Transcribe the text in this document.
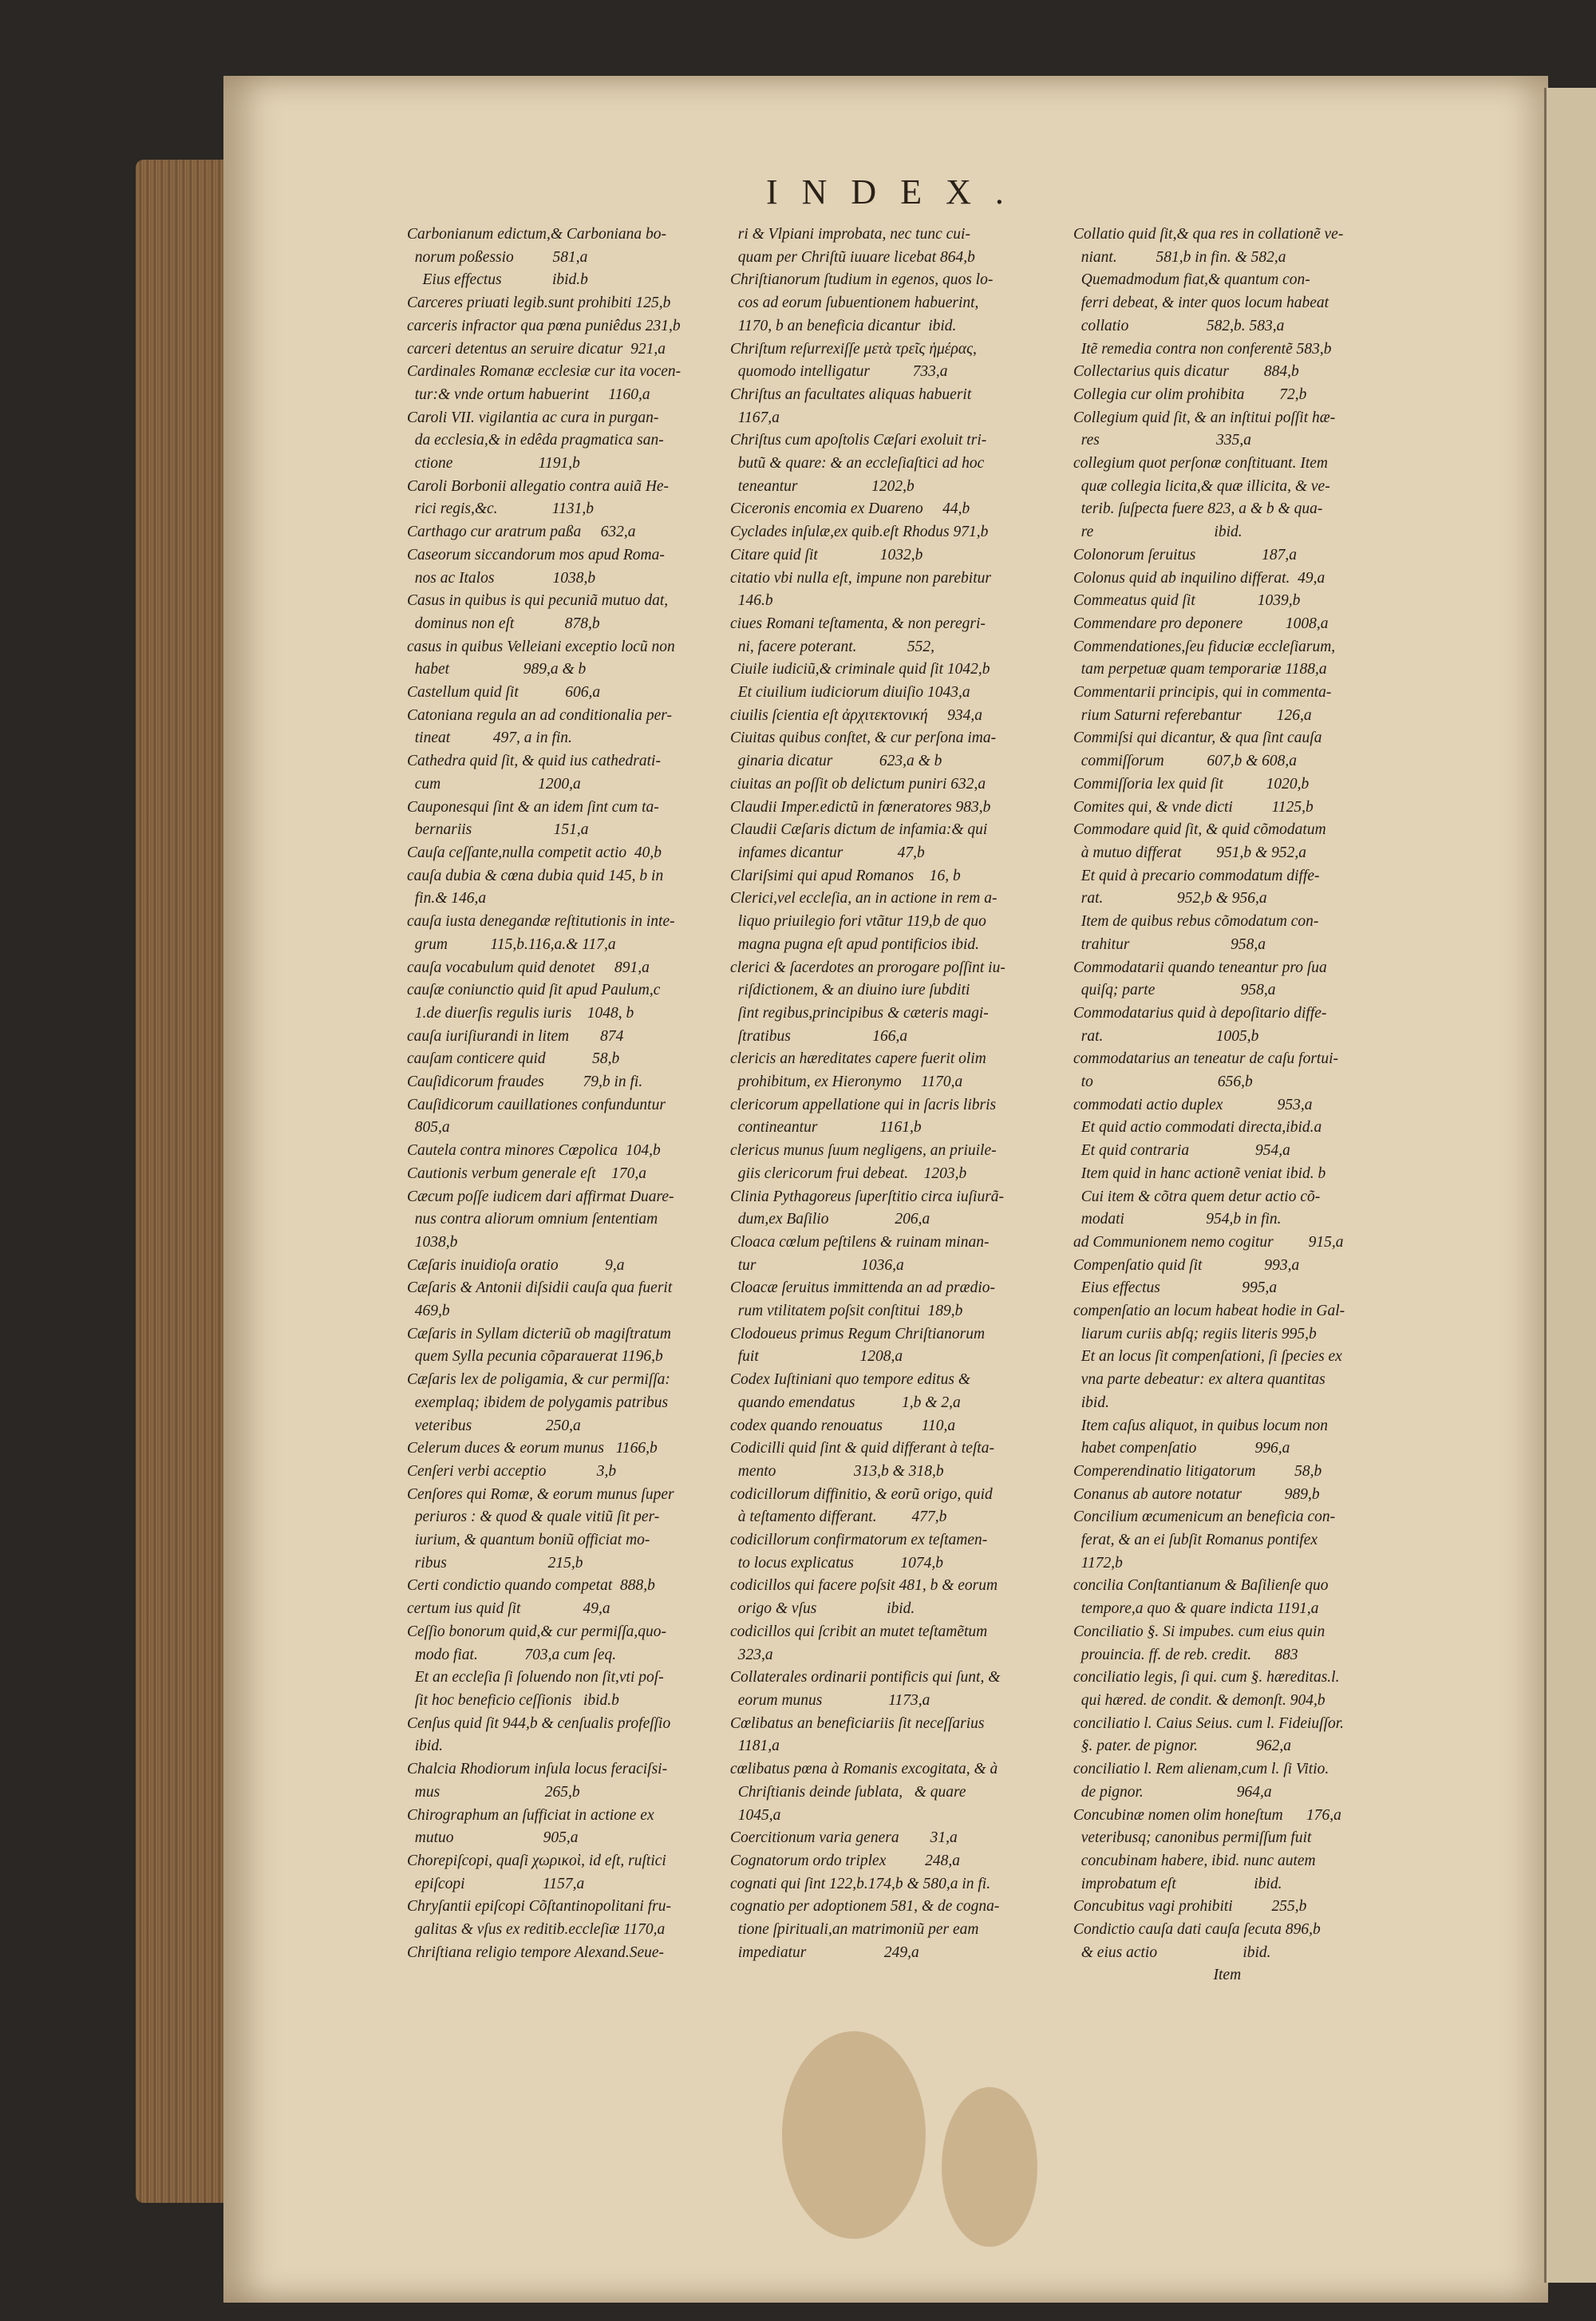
INDEX.

Carbonianum edictum,& Carboniana bo-

norum poßessio          581,a

Eius effectus             ibid.b

Carceres priuati legib.sunt prohibiti 125,b

carceris infractor qua pœna puniêdus 231,b

carceri detentus an seruire dicatur  921,a

Cardinales Romanæ ecclesiæ cur ita vocen-

tur:& vnde ortum habuerint     1160,a

Caroli VII. vigilantia ac cura in purgan-

da ecclesia,& in edêda pragmatica san-

ctione                      1191,b

Caroli Borbonii allegatio contra auiã He-

rici regis,&c.              1131,b

Carthago cur aratrum paßa     632,a

Caseorum siccandorum mos apud Roma-

nos ac Italos               1038,b

Casus in quibus is qui pecuniã mutuo dat,

dominus non eſt             878,b

casus in quibus Velleiani exceptio locũ non

habet                   989,a & b

Castellum quid ſit            606,a

Catoniana regula an ad conditionalia per-

tineat           497, a in fin.

Cathedra quid ſit, & quid ius cathedrati-

cum                         1200,a

Cauponesqui ſint & an idem ſint cum ta-

bernariis                     151,a

Cauſa ceſſante,nulla competit actio  40,b

cauſa dubia & cœna dubia quid 145, b in

fin.& 146,a

cauſa iusta denegandæ reſtitutionis in inte-

grum           115,b.116,a.& 117,a

cauſa vocabulum quid denotet     891,a

cauſæ coniunctio quid ſit apud Paulum,c

1.de diuerſis regulis iuris    1048, b

cauſa iuriſiurandi in litem        874

cauſam conticere quid            58,b

Cauſidicorum fraudes          79,b in fi.

Cauſidicorum cauillationes confunduntur

805,a

Cautela contra minores Cœpolica  104,b

Cautionis verbum generale eſt    170,a

Cæcum poſſe iudicem dari affirmat Duare-

nus contra aliorum omnium ſententiam

1038,b

Cæſaris inuidioſa oratio            9,a

Cæſaris & Antonii diſsidii cauſa qua fuerit

469,b

Cæſaris in Syllam dicteriũ ob magiſtratum

quem Sylla pecunia cõparauerat 1196,b

Cæſaris lex de poligamia, & cur permiſſa:

exemplaq; ibidem de polygamis patribus

veteribus                   250,a

Celerum duces & eorum munus   1166,b

Cenſeri verbi acceptio             3,b

Cenſores qui Romæ, & eorum munus ſuper

periuros : & quod & quale vitiũ ſit per-

iurium, & quantum boniũ officiat mo-

ribus                          215,b

Certi condictio quando competat  888,b

certum ius quid ſit                49,a

Ceſſio bonorum quid,& cur permiſſa,quo-

modo fiat.            703,a cum ſeq.

Et an eccleſia ſi ſoluendo non ſit,vti poſ-

ſit hoc beneficio ceſſionis   ibid.b

Cenſus quid ſit 944,b & cenſualis profeſſio

ibid.

Chalcia Rhodiorum inſula locus feraciſsi-

mus                           265,b

Chirographum an ſufficiat in actione ex

mutuo                       905,a

Chorepiſcopi, quaſi χωρικοὶ, id eſt, ruſtici

epiſcopi                    1157,a

Chryſantii epiſcopi Cõſtantinopolitani fru-

galitas & vſus ex reditib.eccleſiæ 1170,a

Chriſtiana religio tempore Alexand.Seue-

ri & Vlpiani improbata, nec tunc cui-

quam per Chriſtũ iuuare licebat 864,b

Chriſtianorum ſtudium in egenos, quos lo-

cos ad eorum ſubuentionem habuerint,

1170, b an beneficia dicantur  ibid.

Chriſtum reſurrexiſſe μετὰ τρεῖς ἡμέρας,

quomodo intelligatur           733,a

Chriſtus an facultates aliquas habuerit

1167,a

Chriſtus cum apoſtolis Cæſari exoluit tri-

butũ & quare: & an eccleſiaſtici ad hoc

teneantur                   1202,b

Ciceronis encomia ex Duareno     44,b

Cyclades inſulæ,ex quib.eſt Rhodus 971,b

Citare quid ſit                1032,b

citatio vbi nulla eſt, impune non parebitur

146.b

ciues Romani teſtamenta, & non peregri-

ni, facere poterant.             552,

Ciuile iudiciũ,& criminale quid ſit 1042,b

Et ciuilium iudiciorum diuiſio 1043,a

ciuilis ſcientia eſt ἀρχιτεκτονική     934,a

Ciuitas quibus conſtet, & cur perſona ima-

ginaria dicatur            623,a & b

ciuitas an poſſit ob delictum puniri 632,a

Claudii Imper.edictũ in fœneratores 983,b

Claudii Cæſaris dictum de infamia:& qui

infames dicantur              47,b

Clariſsimi qui apud Romanos    16, b

Clerici,vel eccleſia, an in actione in rem a-

liquo priuilegio fori vtãtur 119,b de quo

magna pugna eſt apud pontificios ibid.

clerici & ſacerdotes an prorogare poſſint iu-

riſdictionem, & an diuino iure ſubditi

ſint regibus,principibus & cæteris magi-

ſtratibus                     166,a

clericis an hæreditates capere fuerit olim

prohibitum, ex Hieronymo     1170,a

clericorum appellatione qui in ſacris libris

contineantur                1161,b

clericus munus ſuum negligens, an priuile-

giis clericorum frui debeat.    1203,b

Clinia Pythagoreus ſuperſtitio circa iuſiurã-

dum,ex Baſilio                 206,a

Cloaca cœlum peſtilens & ruinam minan-

tur                           1036,a

Cloacæ ſeruitus immittenda an ad prædio-

rum vtilitatem poſsit conſtitui  189,b

Clodoueus primus Regum Chriſtianorum

fuit                          1208,a

Codex Iuſtiniani quo tempore editus &

quando emendatus            1,b & 2,a

codex quando renouatus          110,a

Codicilli quid ſint & quid differant à teſta-

mento                    313,b & 318,b

codicillorum diffinitio, & eorũ origo, quid

à teſtamento differant.         477,b

codicillorum confirmatorum ex teſtamen-

to locus explicatus            1074,b

codicillos qui facere poſsit 481, b & eorum

origo & vſus                  ibid.

codicillos qui ſcribit an mutet teſtamẽtum

323,a

Collaterales ordinarii pontificis qui ſunt, &

eorum munus                 1173,a

Cœlibatus an beneficiariis ſit neceſſarius

1181,a

cœlibatus pœna à Romanis excogitata, & à

Chriſtianis deinde ſublata,   & quare

1045,a

Coercitionum varia genera        31,a

Cognatorum ordo triplex          248,a

cognati qui ſint 122,b.174,b & 580,a in fi.

cognatio per adoptionem 581, & de cogna-

tione ſpirituali,an matrimoniũ per eam

impediatur                    249,a

Collatio quid ſit,& qua res in collationẽ ve-

niant.          581,b in fin. & 582,a

Quemadmodum fiat,& quantum con-

ferri debeat, & inter quos locum habeat

collatio                    582,b. 583,a

Itẽ remedia contra non conferentẽ 583,b

Collectarius quis dicatur         884,b

Collegia cur olim prohibita         72,b

Collegium quid ſit, & an inſtitui poſſit hæ-

res                              335,a

collegium quot perſonæ conſtituant. Item

quæ collegia licita,& quæ illicita, & ve-

terib. ſuſpecta fuere 823, a & b & qua-

re                               ibid.

Colonorum ſeruitus                 187,a

Colonus quid ab inquilino differat.  49,a

Commeatus quid ſit                1039,b

Commendare pro deponere           1008,a

Commendationes,ſeu fiduciæ eccleſiarum,

tam perpetuæ quam temporariæ 1188,a

Commentarii principis, qui in commenta-

rium Saturni referebantur         126,a

Commiſsi qui dicantur, & qua ſint cauſa

commiſſorum           607,b & 608,a

Commiſſoria lex quid ſit           1020,b

Comites qui, & vnde dicti          1125,b

Commodare quid ſit, & quid cõmodatum

à mutuo differat         951,b & 952,a

Et quid à precario commodatum diffe-

rat.                   952,b & 956,a

Item de quibus rebus cõmodatum con-

trahitur                          958,a

Commodatarii quando teneantur pro ſua

quiſq; parte                      958,a

Commodatarius quid à depoſitario diffe-

rat.                             1005,b

commodatarius an teneatur de caſu fortui-

to                                656,b

commodati actio duplex              953,a

Et quid actio commodati directa,ibid.a

Et quid contraria                 954,a

Item quid in hanc actionẽ veniat ibid. b

Cui item & cõtra quem detur actio cõ-

modati                     954,b in fin.

ad Communionem nemo cogitur         915,a

Compenſatio quid ſit                993,a

Eius effectus                     995,a

compenſatio an locum habeat hodie in Gal-

liarum curiis abſq; regiis literis 995,b

Et an locus ſit compenſationi, ſi ſpecies ex

vna parte debeatur: ex altera quantitas

ibid.

Item caſus aliquot, in quibus locum non

habet compenſatio               996,a

Comperendinatio litigatorum          58,b

Conanus ab autore notatur           989,b

Concilium œcumenicum an beneficia con-

ferat, & an ei ſubſit Romanus pontifex

1172,b

concilia Conſtantianum & Baſilienſe quo

tempore,a quo & quare indicta 1191,a

Conciliatio §. Si impubes. cum eius quin

prouincia. ff. de reb. credit.      883

conciliatio legis, ſi qui. cum §. hæreditas.l.

qui hæred. de condit. & demonſt. 904,b

conciliatio l. Caius Seius. cum l. Fideiuſſor.

§. pater. de pignor.               962,a

conciliatio l. Rem alienam,cum l. ſi Vitio.

de pignor.                        964,a

Concubinæ nomen olim honeſtum      176,a

veteribusq; canonibus permiſſum fuit

concubinam habere, ibid. nunc autem

improbatum eſt                    ibid.

Concubitus vagi prohibiti          255,b

Condictio cauſa dati cauſa ſecuta 896,b

& eius actio                      ibid.

Item
